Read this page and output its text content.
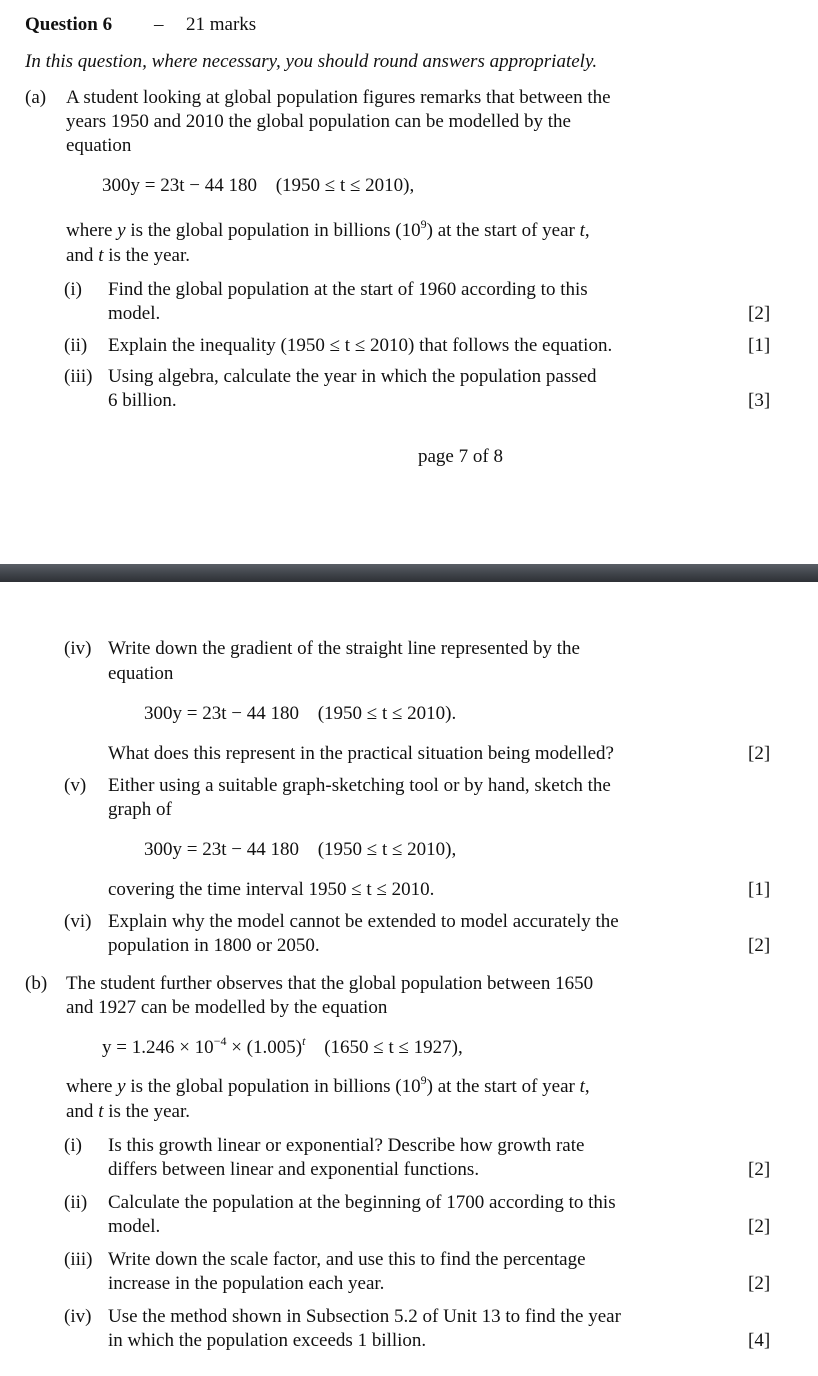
Question 6 – 21 marks
In this question, where necessary, you should round answers appropriately.
(a) A student looking at global population figures remarks that between the
years 1950 and 2010 the global population can be modelled by the
equation
300y = 23t − 44 180 (1950 ≤ t ≤ 2010),
where y is the global population in billions $(10^9)$ at the start of year t,
and t is the year.
(i) Find the global population at the start of 1960 according to this
model.	[2]
(ii) Explain the inequality (1950 ≤ t ≤ 2010) that follows the equation.	[1]
(iii) Using algebra, calculate the year in which the population passed
6 billion.	[3]
page 7 of 8
(iv) Write down the gradient of the straight line represented by the
equation
300y = 23t − 44 180 (1950 ≤ t ≤ 2010).
What does this represent in the practical situation being modelled?	[2]
(v) Either using a suitable graph-sketching tool or by hand, sketch the
graph of
300y = 23t − 44 180 (1950 ≤ t ≤ 2010),
covering the time interval 1950 ≤ t ≤ 2010.	[1]
(vi) Explain why the model cannot be extended to model accurately the
population in 1800 or 2050.	[2]
(b) The student further observes that the global population between 1650
and 1927 can be modelled by the equation
$y = 1.246 \times 10^{-4} \times (1.005)^t$ (1650 ≤ t ≤ 1927),
where y is the global population in billions $(10^9)$ at the start of year t,
and t is the year.
(i) Is this growth linear or exponential? Describe how growth rate
differs between linear and exponential functions.	[2]
(ii) Calculate the population at the beginning of 1700 according to this
model.	[2]
(iii) Write down the scale factor, and use this to find the percentage
increase in the population each year.	[2]
(iv) Use the method shown in Subsection 5.2 of Unit 13 to find the year
in which the population exceeds 1 billion.	[4]
